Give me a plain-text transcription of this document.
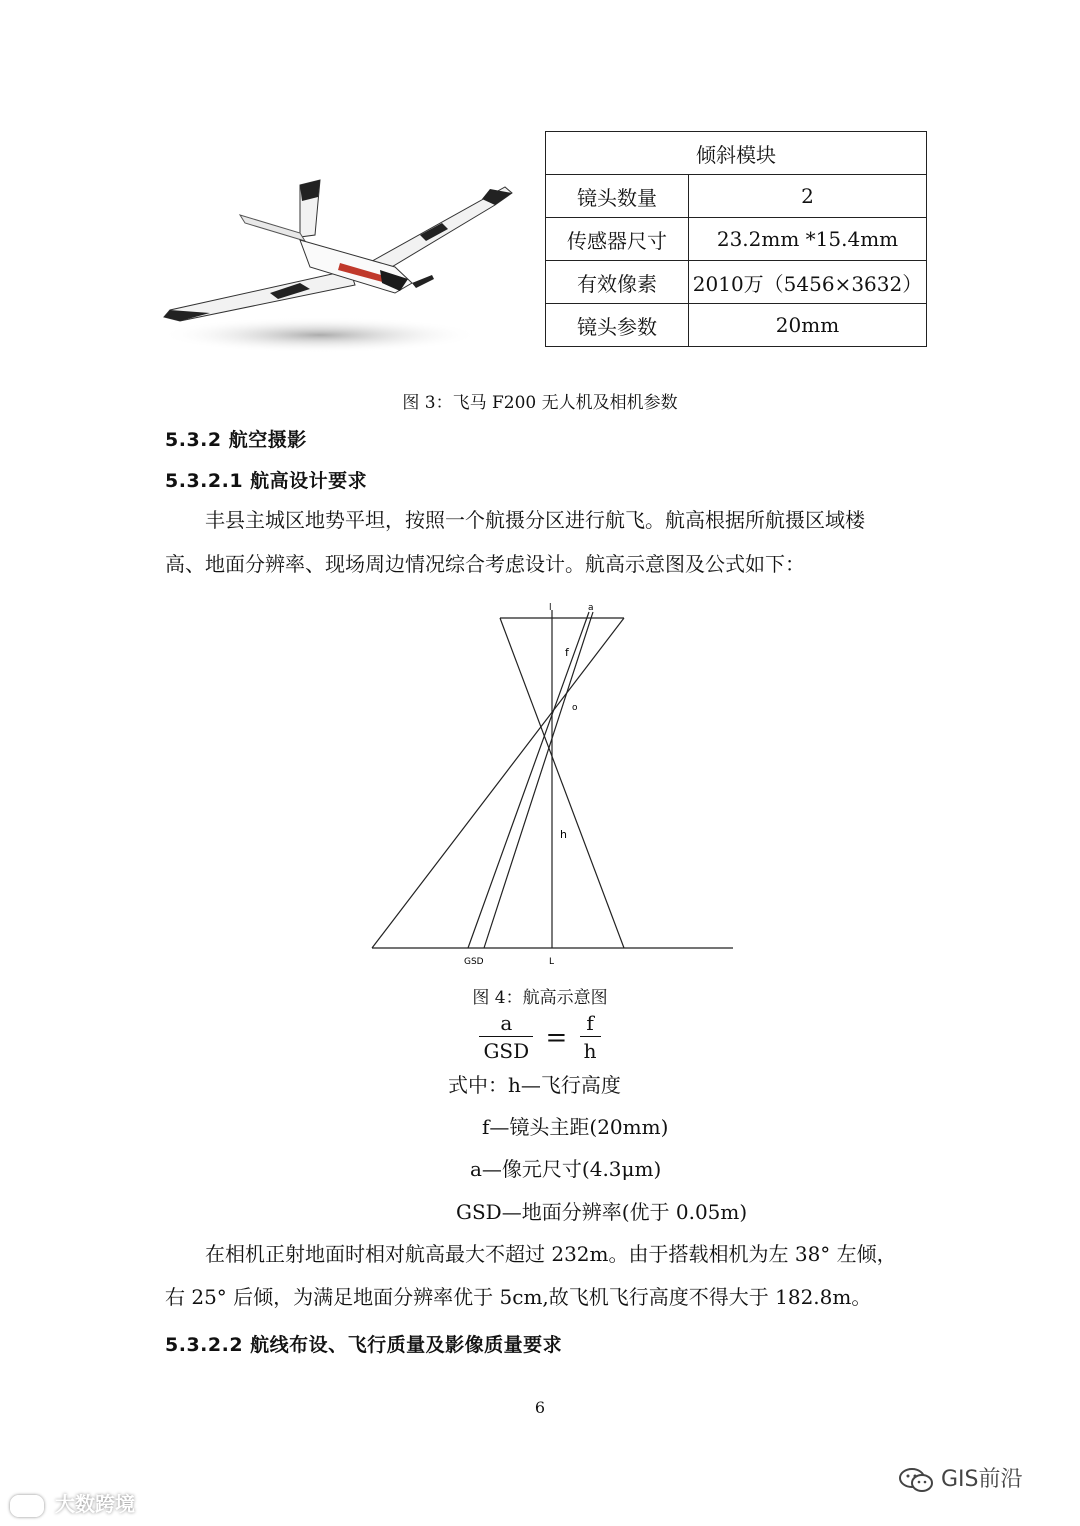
倾斜模块	
镜头数量	2
传感器尺寸	23.2mm *15.4mm
有效像素	2010万（5456×3632）
镜头参数	20mm
图 3：飞马 F200 无人机及相机参数
5.3.2 航空摄影
5.3.2.1 航高设计要求
丰县主城区地势平坦，按照一个航摄分区进行航飞。航高根据所航摄区域楼
高、地面分辨率、现场周边情况综合考虑设计。航高示意图及公式如下：
l	a
f
o
h
GSD	L
图 4：航高示意图
$\frac{a}{\text{GSD}} = \frac{f}{h}$
式中：h—飞行高度
f—镜头主距(20mm)
a—像元尺寸(4.3μm)
GSD—地面分辨率(优于 0.05m)
在相机正射地面时相对航高最大不超过 232m。由于搭载相机为左 38° 左倾，
右 25° 后倾，为满足地面分辨率优于 5cm,故飞机飞行高度不得大于 182.8m。
5.3.2.2 航线布设、飞行质量及影像质量要求
6
大数跨境
GIS前沿
